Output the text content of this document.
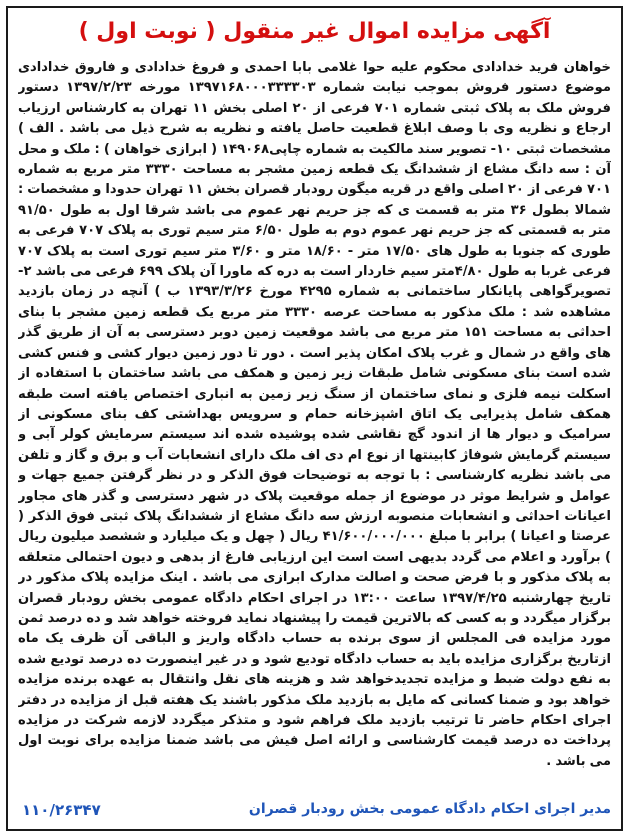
آگهی مزایده اموال غیر منقول ( نوبت اول )
خواهان فرید خدادادی محکوم علیه حوا غلامی بابا احمدی و فروغ خدادادی و فاروق خدادادی موضوع دستور فروش بموجب نیابت شماره ۱۳۹۷۱۶۸۰۰۰۳۳۳۳۰۳ مورخه ۱۳۹۷/۲/۲۳ دستور فروش ملک به پلاک ثبتی شماره ۷۰۱ فرعی از ۲۰ اصلی بخش ۱۱ تهران به کارشناس ارزیاب ارجاع و نظریه وی با وصف ابلاغ قطعیت حاصل یافته و نظریه به شرح ذیل می باشد . الف ) مشخصات ثبتی ۱۰- تصویر سند مالکیت به شماره چاپی۱۴۹۰۶۸ ( ابرازی خواهان ) : ملک و محل آن : سه دانگ مشاع از ششدانگ یک قطعه زمین مشجر به مساحت ۳۳۳۰ متر مربع به شماره ۷۰۱ فرعی از ۲۰ اصلی واقع در قریه میگون رودبار قصران بخش ۱۱ تهران حدودا و مشخصات : شمالا بطول ۳۶ متر به قسمت ی که جز حریم نهر عموم می باشد شرقا اول به طول ۹۱/۵۰ متر به قسمتی که جز حریم نهر عموم دوم به طول ۶/۵۰ متر سیم توری به پلاک ۷۰۷ فرعی به طوری که جنوبا به طول های ۱۷/۵۰ متر - ۱۸/۶۰ متر و ۳/۶۰ متر سیم توری است به پلاک ۷۰۷ فرعی غربا به طول ۴/۸۰متر سیم خاردار است به دره که ماورا آن پلاک ۶۹۹ فرعی می باشد ۲- تصویرگواهی پایانکار ساختمانی به شماره ۴۲۹۵ مورخ ۱۳۹۳/۳/۲۶ ب ) آنچه در زمان بازدید مشاهده شد : ملک مذکور به مساحت عرصه ۳۳۳۰ متر مربع یک قطعه زمین مشجر با بنای احداثی به مساحت ۱۵۱ متر مربع می باشد موقعیت زمین دوبر دسترسی به آن از طریق گذر های واقع در شمال و غرب پلاک امکان پذیر است . دور تا دور زمین دیوار کشی و فنس کشی شده است بنای مسکونی شامل طبقات زیر زمین و همکف می باشد ساختمان با استفاده از اسکلت نیمه فلزی و نمای ساختمان از سنگ زیر زمین به انباری اختصاص یافته است طبقه همکف شامل پذیرایی یک اتاق اشپزخانه حمام و سرویس بهداشتی کف بنای مسکونی از سرامیک و دیوار ها از اندود گچ نقاشی شده پوشیده شده اند سیستم سرمایش کولر آبی و سیستم گرمایش شوفاژ کابینتها از نوع ام دی اف ملک دارای انشعابات آب و برق و گاز و تلفن می باشد نظریه کارشناسی : با توجه به توضیحات فوق الذکر و در نظر گرفتن جمیع جهات و عوامل و شرایط موثر در موضوع از جمله موقعیت پلاک در شهر دسترسی و گذر های مجاور اعیانات احداثی و انشعابات منصوبه ارزش سه دانگ مشاع از ششدانگ پلاک ثبتی فوق الذکر ( عرصتا و اعیانا ) برابر با مبلغ ۴۱/۶۰۰/۰۰۰/۰۰۰ ریال ( چهل و یک میلیارد و ششصد میلیون ریال ) برآورد و اعلام می گردد بدیهی است است این ارزیابی فارغ از بدهی و دیون احتمالی متعلقه به پلاک مذکور و با فرض صحت و اصالت مدارک ابرازی می باشد . اینک مزایده پلاک مذکور در تاریخ چهارشنبه ۱۳۹۷/۴/۲۵ ساعت ۱۳:۰۰ در اجرای احکام دادگاه عمومی بخش رودبار قصران برگزار میگردد و به کسی که بالاترین قیمت را پیشنهاد نماید فروخته خواهد شد و ده درصد ثمن مورد مزایده فی المجلس از سوی برنده به حساب دادگاه واریز و الباقی آن ظرف یک ماه ازتاریخ برگزاری مزایده باید به حساب دادگاه تودیع شود و در غیر اینصورت ده درصد تودیع شده به نفع دولت ضبط و مزایده تجدیدخواهد شد و هزینه های نقل وانتقال به عهده برنده مزایده خواهد بود و ضمنا کسانی که مایل به بازدید ملک مذکور باشند یک هفته قبل از مزایده در دفتر اجرای احکام حاضر تا ترتیب بازدید ملک فراهم شود و متذکر میگردد لازمه شرکت در مزایده پرداخت ده درصد قیمت کارشناسی و ارائه اصل فیش می باشد ضمنا مزایده برای نوبت اول می باشد .
مدیر اجرای احکام دادگاه عمومی بخش رودبار قصران
۱۱۰/۲۶۳۴۷
